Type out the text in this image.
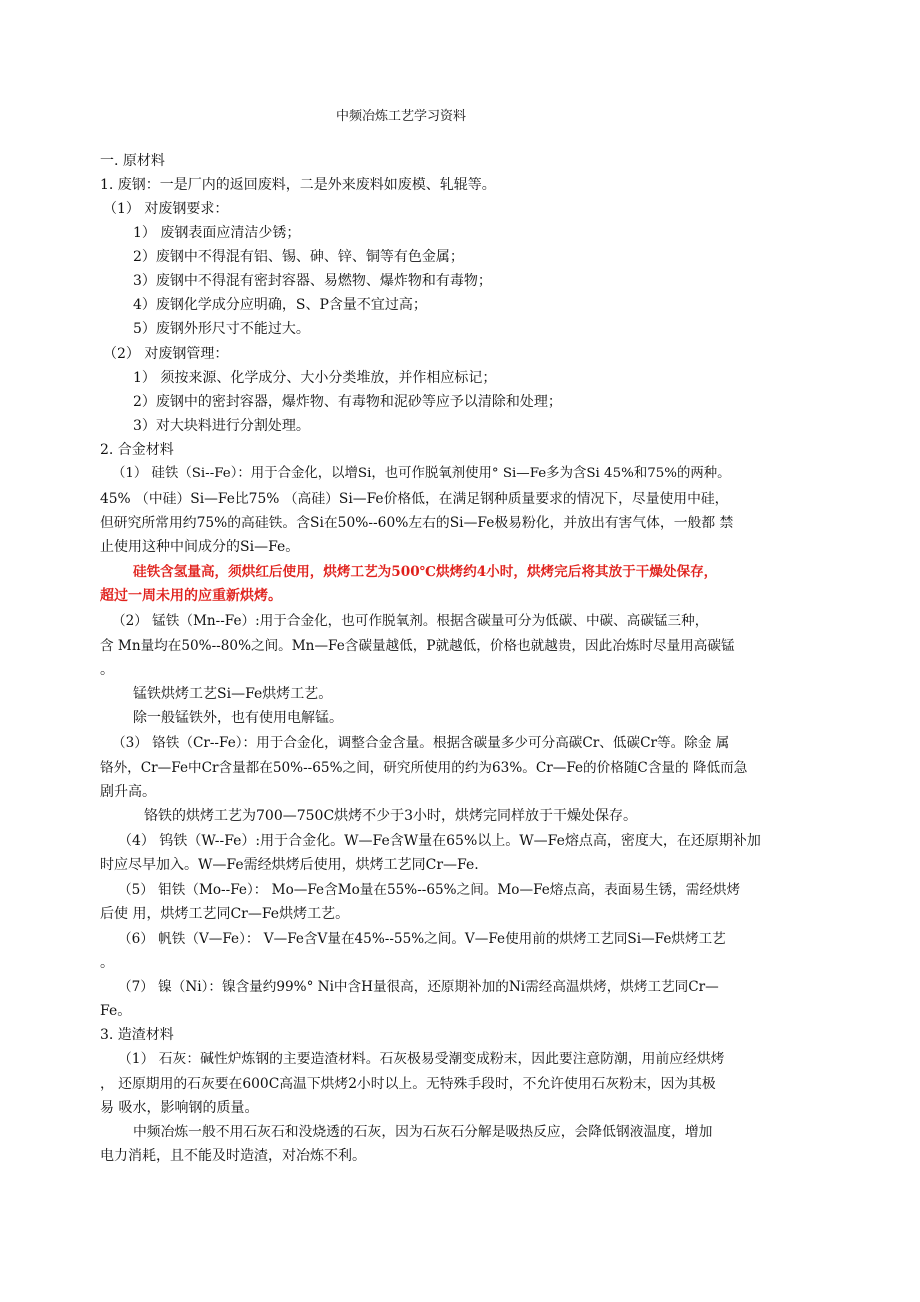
中频冶炼工艺学习资料
一. 原材料
1. 废钢：一是厂内的返回废料，二是外来废料如废模、轧辊等。
（1） 对废钢要求：
1） 废钢表面应清洁少锈；
2）废钢中不得混有铝、锡、砷、锌、铜等有色金属；
3）废钢中不得混有密封容器、易燃物、爆炸物和有毒物；
4）废钢化学成分应明确，S、P含量不宜过高；
5）废钢外形尺寸不能过大。
（2） 对废钢管理：
1） 须按来源、化学成分、大小分类堆放，并作相应标记；
2）废钢中的密封容器，爆炸物、有毒物和泥砂等应予以清除和处理；
3）对大块料进行分割处理。
2. 合金材料
（1） 硅铁（Si--Fe）：用于合金化，以增Si，也可作脱氧剂使用° Si—Fe多为含Si 45%和75%的两种。
45% （中硅）Si—Fe比75% （高硅）Si—Fe价格低，在满足钢种质量要求的情况下，尽量使用中硅，
但研究所常用约75%的高硅铁。含Si在50%--60%左右的Si—Fe极易粉化，并放出有害气体，一般都 禁
止使用这种中间成分的Si—Fe。
硅铁含氢量高，须烘红后使用，烘烤工艺为500℃烘烤约4小时，烘烤完后将其放于干燥处保存，
超过一周未用的应重新烘烤。
（2） 锰铁（Mn--Fe）:用于合金化，也可作脱氧剂。根据含碳量可分为低碳、中碳、高碳锰三种，
含 Mn量均在50%--80%之间。Mn—Fe含碳量越低，P就越低，价格也就越贵，因此冶炼时尽量用高碳锰
。
锰铁烘烤工艺Si—Fe烘烤工艺。
除一般锰铁外，也有使用电解锰。
（3） 铬铁（Cr--Fe）：用于合金化，调整合金含量。根据含碳量多少可分高碳Cr、低碳Cr等。除金 属
铬外，Cr—Fe中Cr含量都在50%--65%之间，研究所使用的约为63%。Cr—Fe的价格随C含量的 降低而急
剧升高。
铬铁的烘烤工艺为700—750C烘烤不少于3小时，烘烤完同样放于干燥处保存。
（4） 钨铁（W--Fe）:用于合金化。W—Fe含W量在65%以上。W—Fe熔点高，密度大，在还原期补加
时应尽早加入。W—Fe需经烘烤后使用，烘烤工艺同Cr—Fe.
（5） 钼铁（Mo--Fe）： Mo—Fe含Mo量在55%--65%之间。Mo—Fe熔点高，表面易生锈，需经烘烤
后使 用，烘烤工艺同Cr—Fe烘烤工艺。
（6） 帆铁（V—Fe）： V—Fe含V量在45%--55%之间。V—Fe使用前的烘烤工艺同Si—Fe烘烤工艺
。
（7） 镍（Ni）：镍含量约99%° Ni中含H量很高，还原期补加的Ni需经高温烘烤，烘烤工艺同Cr—
Fe。
3. 造渣材料
（1） 石灰：碱性炉炼钢的主要造渣材料。石灰极易受潮变成粉末，因此要注意防潮，用前应经烘烤
， 还原期用的石灰要在600C高温下烘烤2小时以上。无特殊手段时，不允许使用石灰粉末，因为其极
易 吸水，影响钢的质量。
中频冶炼一般不用石灰石和没烧透的石灰，因为石灰石分解是吸热反应，会降低钢液温度，增加
电力消耗，且不能及时造渣，对冶炼不利。
